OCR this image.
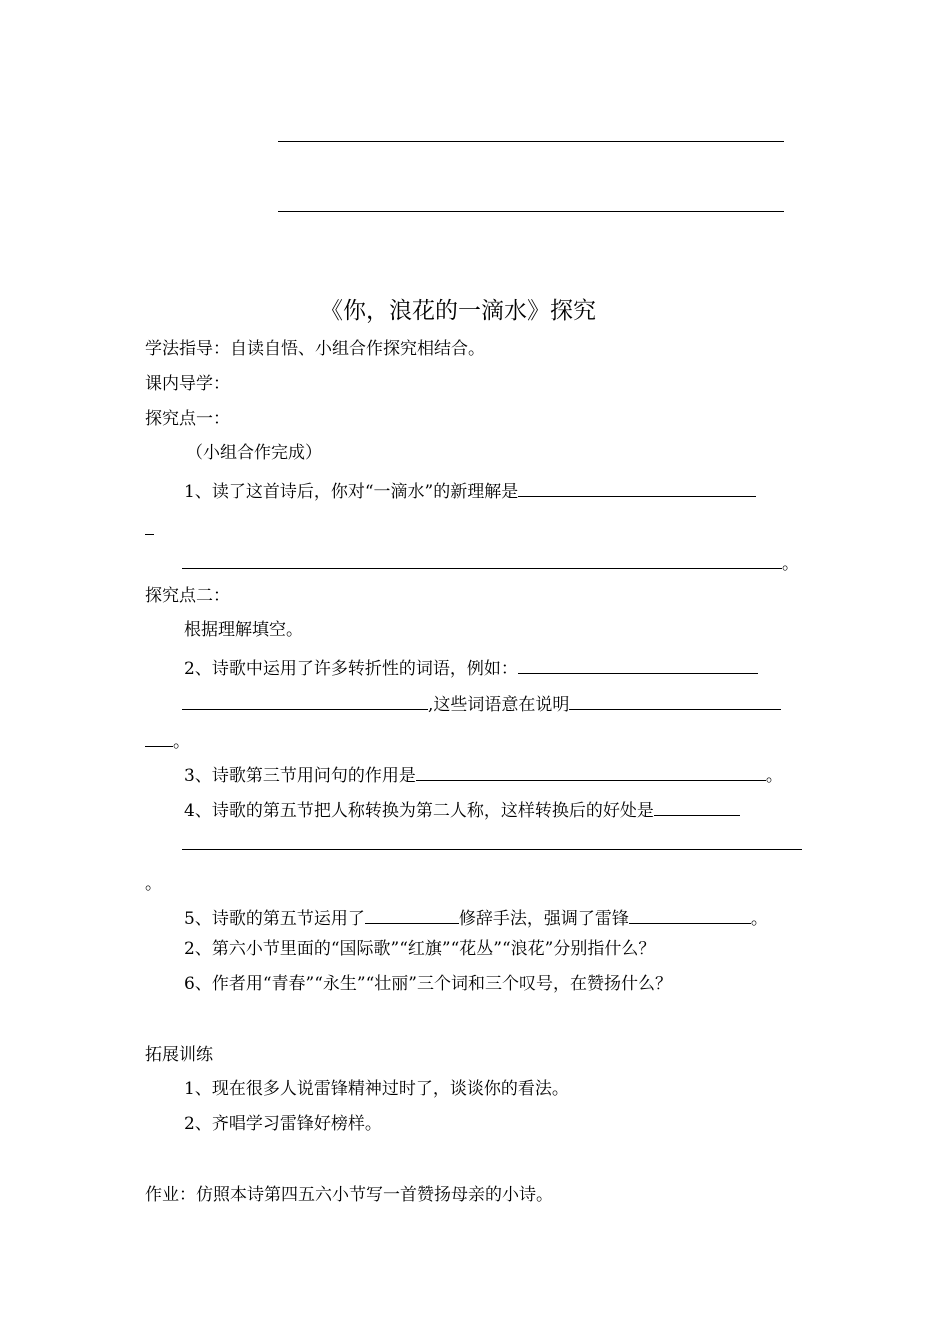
《你，浪花的一滴水》探究
学法指导：自读自悟、小组合作探究相结合。
课内导学：
探究点一：
（小组合作完成）
1、读了这首诗后，你对“一滴水”的新理解是
。
探究点二：
根据理解填空。
2、诗歌中运用了许多转折性的词语，例如：
,这些词语意在说明
。
3、诗歌第三节用问句的作用是	。
4、诗歌的第五节把人称转换为第二人称，这样转换后的好处是
。
5、诗歌的第五节运用了	修辞手法，强调了雷锋	。
2、第六小节里面的“国际歌”“红旗”“花丛”“浪花”分别指什么？
6、作者用“青春”“永生”“壮丽”三个词和三个叹号，在赞扬什么？
拓展训练
1、现在很多人说雷锋精神过时了，谈谈你的看法。
2、齐唱学习雷锋好榜样。
作业：仿照本诗第四五六小节写一首赞扬母亲的小诗。
